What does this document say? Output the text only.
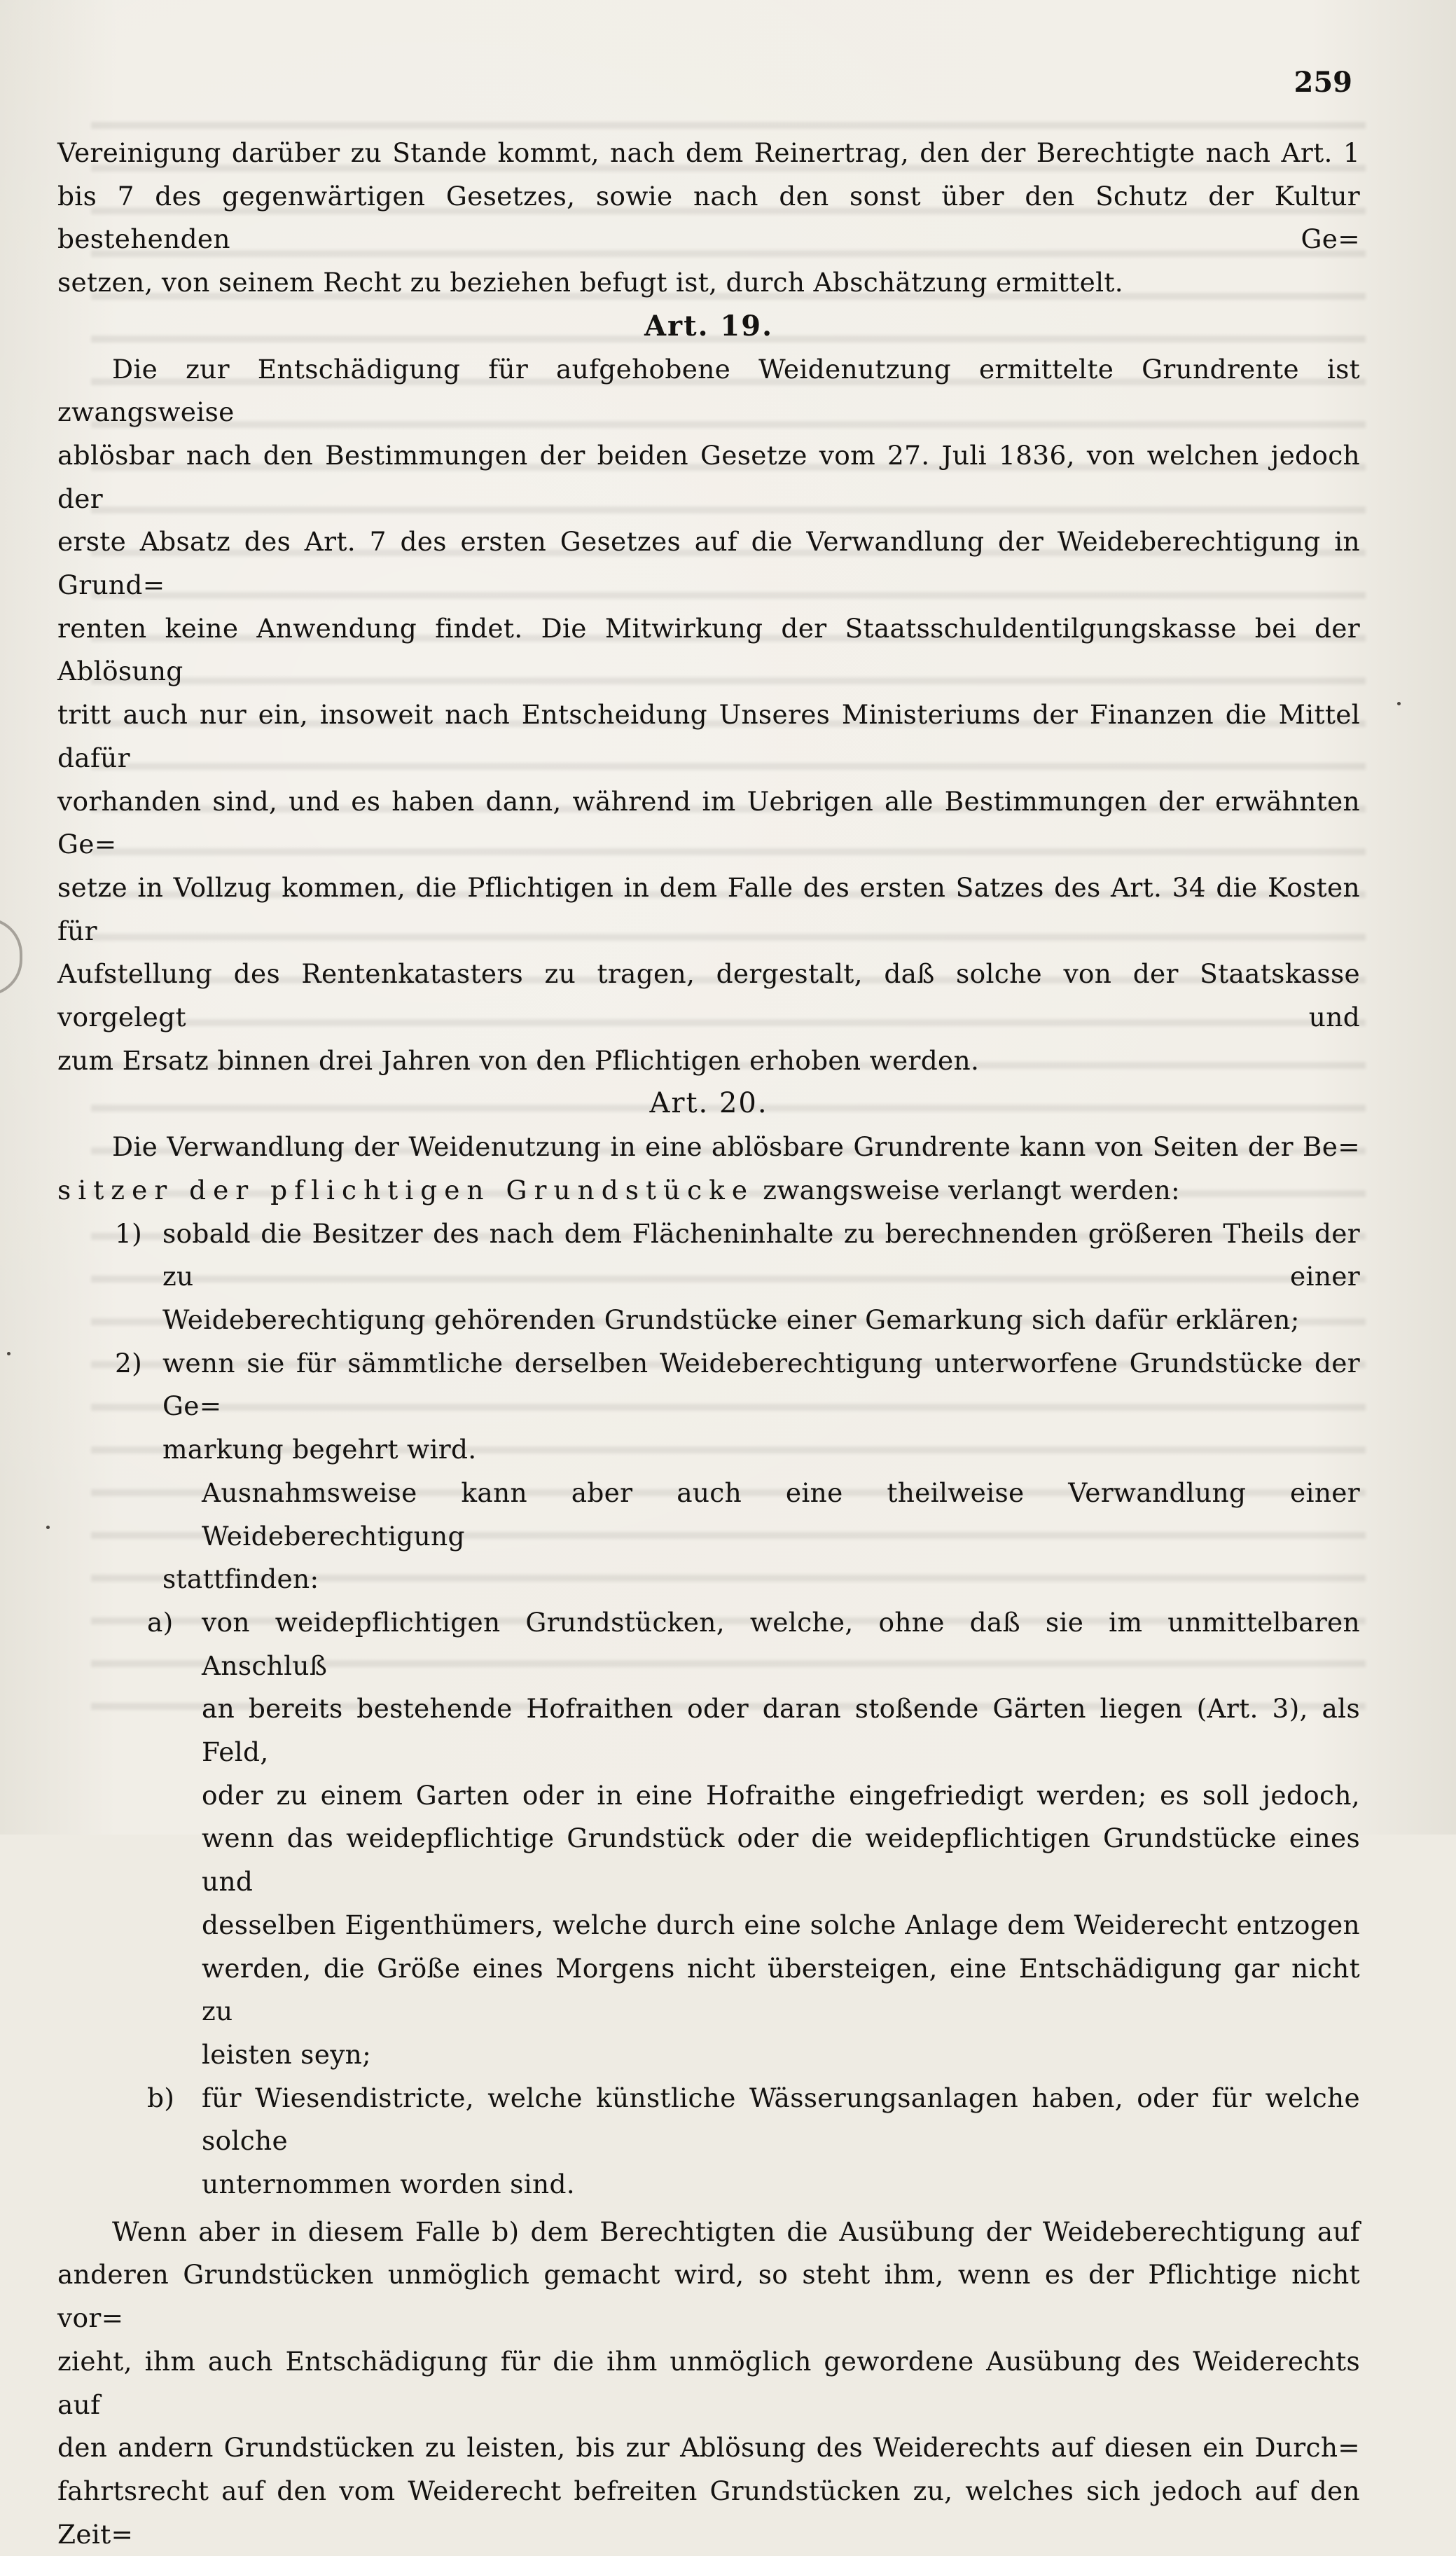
259

Vereinigung darüber zu Stande kommt, nach dem Reinertrag, den der Berechtigte nach Art. 1

bis 7 des gegenwärtigen Gesetzes, sowie nach den sonst über den Schutz der Kultur bestehenden Ge=

setzen, von seinem Recht zu beziehen befugt ist, durch Abschätzung ermittelt.

Art. 19.

Die zur Entschädigung für aufgehobene Weidenutzung ermittelte Grundrente ist zwangsweise

ablösbar nach den Bestimmungen der beiden Gesetze vom 27. Juli 1836, von welchen jedoch der

erste Absatz des Art. 7 des ersten Gesetzes auf die Verwandlung der Weideberechtigung in Grund=

renten keine Anwendung findet. Die Mitwirkung der Staatsschuldentilgungskasse bei der Ablösung

tritt auch nur ein, insoweit nach Entscheidung Unseres Ministeriums der Finanzen die Mittel dafür

vorhanden sind, und es haben dann, während im Uebrigen alle Bestimmungen der erwähnten Ge=

setze in Vollzug kommen, die Pflichtigen in dem Falle des ersten Satzes des Art. 34 die Kosten für

Aufstellung des Rentenkatasters zu tragen, dergestalt, daß solche von der Staatskasse vorgelegt und

zum Ersatz binnen drei Jahren von den Pflichtigen erhoben werden.

Art. 20.

Die Verwandlung der Weidenutzung in eine ablösbare Grundrente kann von Seiten der Be=

sitzer der pflichtigen Grundstücke zwangsweise verlangt werden:

1) sobald die Besitzer des nach dem Flächeninhalte zu berechnenden größeren Theils der zu einer

Weideberechtigung gehörenden Grundstücke einer Gemarkung sich dafür erklären;

2) wenn sie für sämmtliche derselben Weideberechtigung unterworfene Grundstücke der Ge=

markung begehrt wird.

Ausnahmsweise kann aber auch eine theilweise Verwandlung einer Weideberechtigung

stattfinden:

a) von weidepflichtigen Grundstücken, welche, ohne daß sie im unmittelbaren Anschluß

an bereits bestehende Hofraithen oder daran stoßende Gärten liegen (Art. 3), als Feld,

oder zu einem Garten oder in eine Hofraithe eingefriedigt werden; es soll jedoch,

wenn das weidepflichtige Grundstück oder die weidepflichtigen Grundstücke eines und

desselben Eigenthümers, welche durch eine solche Anlage dem Weiderecht entzogen

werden, die Größe eines Morgens nicht übersteigen, eine Entschädigung gar nicht zu

leisten seyn;

b) für Wiesendistricte, welche künstliche Wässerungsanlagen haben, oder für welche solche

unternommen worden sind.

Wenn aber in diesem Falle b) dem Berechtigten die Ausübung der Weideberechtigung auf

anderen Grundstücken unmöglich gemacht wird, so steht ihm, wenn es der Pflichtige nicht vor=

zieht, ihm auch Entschädigung für die ihm unmöglich gewordene Ausübung des Weiderechts auf

den andern Grundstücken zu leisten, bis zur Ablösung des Weiderechts auf diesen ein Durch=

fahrtsrecht auf den vom Weiderecht befreiten Grundstücken zu, welches sich jedoch auf den Zeit=
